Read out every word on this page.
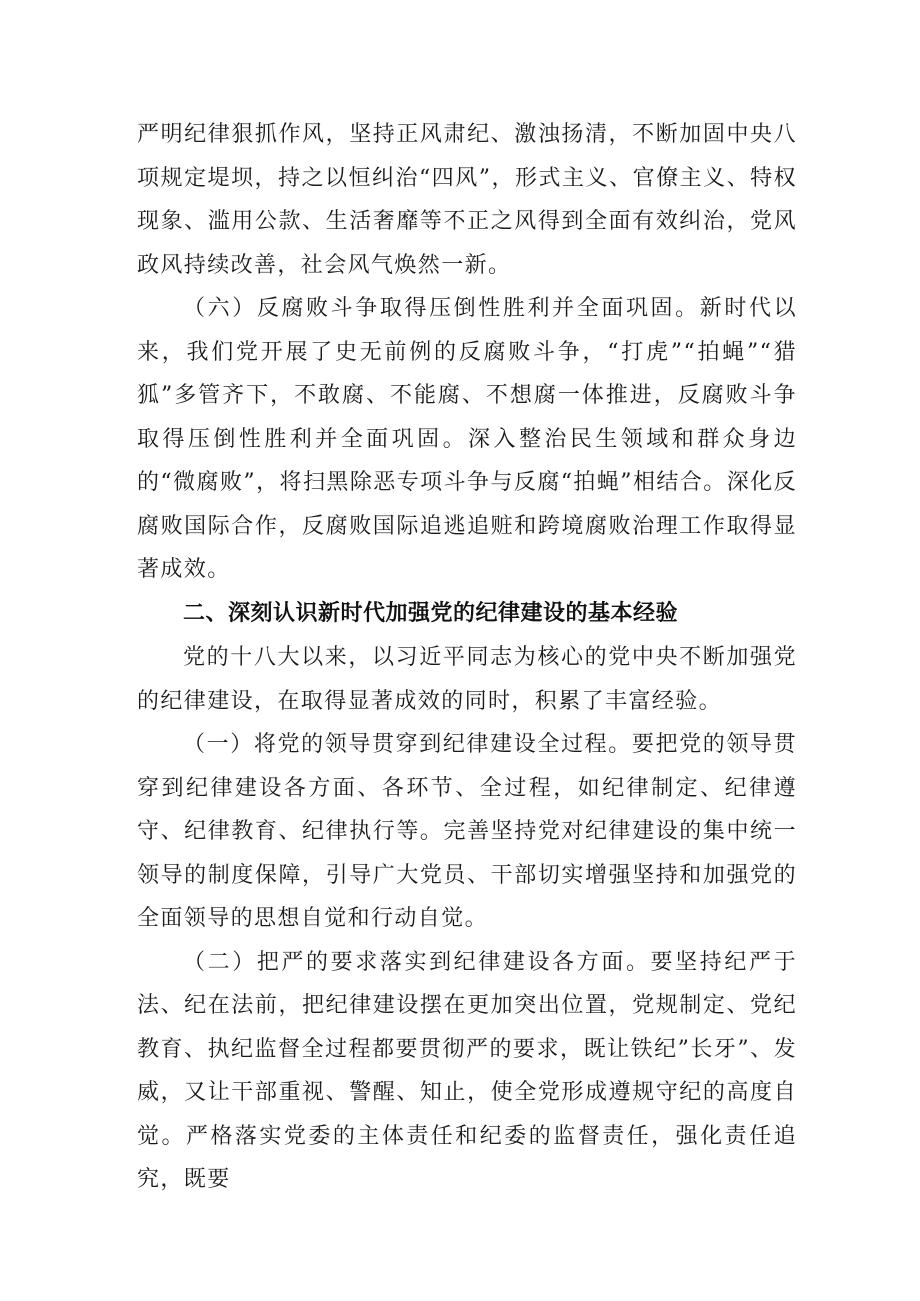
严明纪律狠抓作风，坚持正风肃纪、激浊扬清，不断加固中央八项规定堤坝，持之以恒纠治“四风”，形式主义、官僚主义、特权现象、滥用公款、生活奢靡等不正之风得到全面有效纠治，党风政风持续改善，社会风气焕然一新。

（六）反腐败斗争取得压倒性胜利并全面巩固。新时代以来，我们党开展了史无前例的反腐败斗争，“打虎”“拍蝇”“猎狐”多管齐下，不敢腐、不能腐、不想腐一体推进，反腐败斗争取得压倒性胜利并全面巩固。深入整治民生领域和群众身边的“微腐败”，将扫黑除恶专项斗争与反腐“拍蝇”相结合。深化反腐败国际合作，反腐败国际追逃追赃和跨境腐败治理工作取得显著成效。

二、深刻认识新时代加强党的纪律建设的基本经验

党的十八大以来，以习近平同志为核心的党中央不断加强党的纪律建设，在取得显著成效的同时，积累了丰富经验。

（一）将党的领导贯穿到纪律建设全过程。要把党的领导贯穿到纪律建设各方面、各环节、全过程，如纪律制定、纪律遵守、纪律教育、纪律执行等。完善坚持党对纪律建设的集中统一领导的制度保障，引导广大党员、干部切实增强坚持和加强党的全面领导的思想自觉和行动自觉。

（二）把严的要求落实到纪律建设各方面。要坚持纪严于法、纪在法前，把纪律建设摆在更加突出位置，党规制定、党纪教育、执纪监督全过程都要贯彻严的要求，既让铁纪”长牙”、发威，又让干部重视、警醒、知止，使全党形成遵规守纪的高度自觉。严格落实党委的主体责任和纪委的监督责任，强化责任追究，既要
